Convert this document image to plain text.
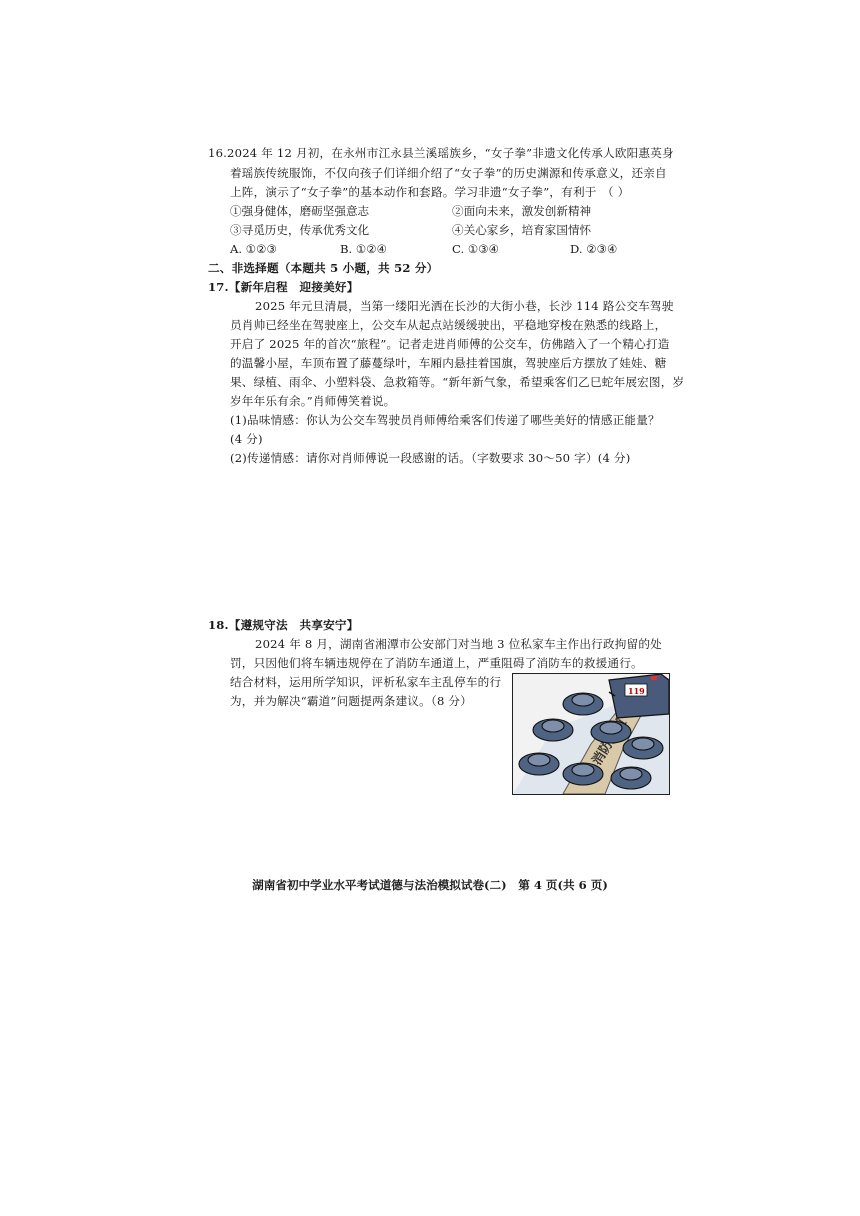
16.2024 年 12 月初，在永州市江永县兰溪瑶族乡，“女子拳”非遗文化传承人欧阳惠英身
着瑶族传统服饰，不仅向孩子们详细介绍了“女子拳”的历史渊源和传承意义，还亲自
上阵，演示了“女子拳”的基本动作和套路。学习非遗“女子拳”，有利于 （ ）
①强身健体，磨砺坚强意志	②面向未来，激发创新精神
③寻觅历史，传承优秀文化	④关心家乡，培育家国情怀
A. ①②③	B. ①②④	C. ①③④	D. ②③④
二、非选择题（本题共 5 小题，共 52 分）
17.【新年启程　迎接美好】
2025 年元旦清晨，当第一缕阳光洒在长沙的大街小巷，长沙 114 路公交车驾驶
员肖帅已经坐在驾驶座上，公交车从起点站缓缓驶出，平稳地穿梭在熟悉的线路上，
开启了 2025 年的首次“旅程”。记者走进肖师傅的公交车，仿佛踏入了一个精心打造
的温馨小屋，车顶布置了藤蔓绿叶，车厢内悬挂着国旗，驾驶座后方摆放了娃娃、糖
果、绿植、雨伞、小塑料袋、急救箱等。“新年新气象，希望乘客们乙巳蛇年展宏图，岁
岁年年乐有余。”肖师傅笑着说。
(1)品味情感：你认为公交车驾驶员肖师傅给乘客们传递了哪些美好的情感正能量？
(4 分)
(2)传递情感：请你对肖师傅说一段感谢的话。（字数要求 30～50 字）(4 分)
18.【遵规守法　共享安宁】
2024 年 8 月，湖南省湘潭市公安部门对当地 3 位私家车主作出行政拘留的处
罚，只因他们将车辆违规停在了消防车通道上，严重阻碍了消防车的救援通行。
结合材料，运用所学知识，评析私家车主乱停车的行
为，并为解决“霸道”问题提两条建议。（8 分）
119
湖南省初中学业水平考试道德与法治模拟试卷(二)　第 4 页(共 6 页)
